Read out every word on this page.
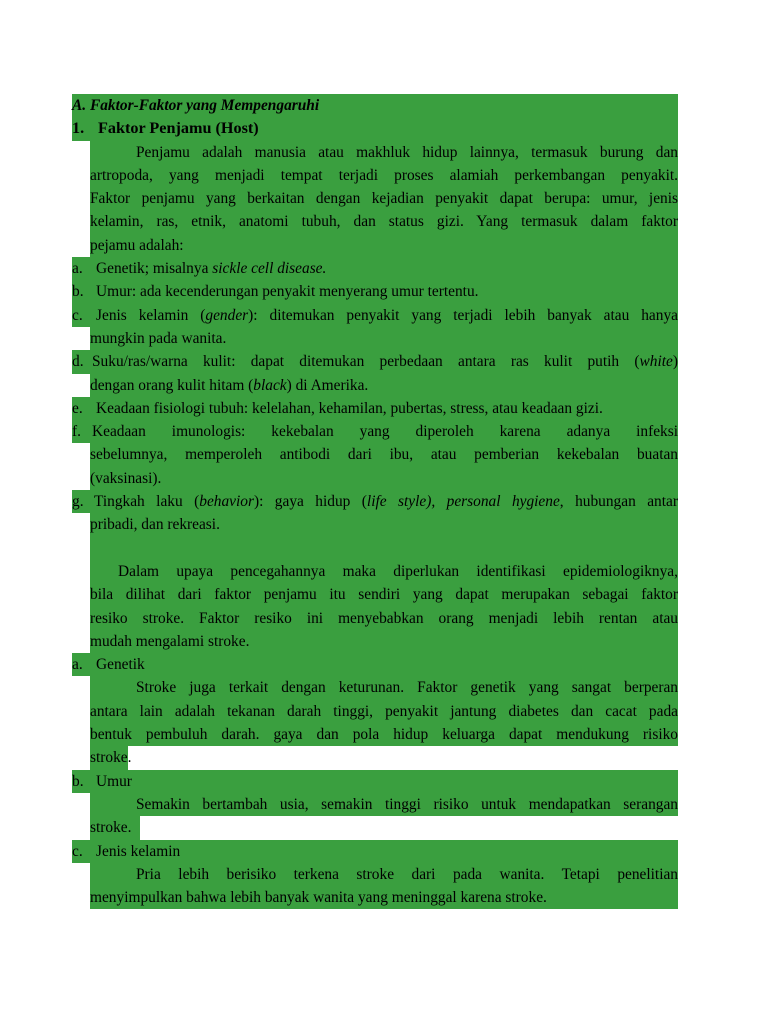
A. Faktor-Faktor yang Mempengaruhi
1. Faktor Penjamu (Host)
Penjamu adalah manusia atau makhluk hidup lainnya, termasuk burung dan
artropoda, yang menjadi tempat terjadi proses alamiah perkembangan penyakit.
Faktor penjamu yang berkaitan dengan kejadian penyakit dapat berupa: umur, jenis
kelamin, ras, etnik, anatomi tubuh, dan status gizi. Yang termasuk dalam faktor
pejamu adalah:
a. Genetik; misalnya sickle cell disease.
b. Umur: ada kecenderungan penyakit menyerang umur tertentu.
c. Jenis kelamin (gender): ditemukan penyakit yang terjadi lebih banyak atau hanya
mungkin pada wanita.
d. Suku/ras/warna kulit: dapat ditemukan perbedaan antara ras kulit putih (white)
dengan orang kulit hitam (black) di Amerika.
e. Keadaan fisiologi tubuh: kelelahan, kehamilan, pubertas, stress, atau keadaan gizi.
f. Keadaan imunologis: kekebalan yang diperoleh karena adanya infeksi
sebelumnya, memperoleh antibodi dari ibu, atau pemberian kekebalan buatan
(vaksinasi).
g. Tingkah laku (behavior): gaya hidup (life style), personal hygiene, hubungan antar
pribadi, dan rekreasi.
Dalam upaya pencegahannya maka diperlukan identifikasi epidemiologiknya,
bila dilihat dari faktor penjamu itu sendiri yang dapat merupakan sebagai faktor
resiko stroke. Faktor resiko ini menyebabkan orang menjadi lebih rentan atau
mudah mengalami stroke.
a. Genetik
Stroke juga terkait dengan keturunan. Faktor genetik yang sangat berperan
antara lain adalah tekanan darah tinggi, penyakit jantung diabetes dan cacat pada
bentuk pembuluh darah. gaya dan pola hidup keluarga dapat mendukung risiko
stroke.
b. Umur
Semakin bertambah usia, semakin tinggi risiko untuk mendapatkan serangan
stroke.
c. Jenis kelamin
Pria lebih berisiko terkena stroke dari pada wanita. Tetapi penelitian
menyimpulkan bahwa lebih banyak wanita yang meninggal karena stroke.
